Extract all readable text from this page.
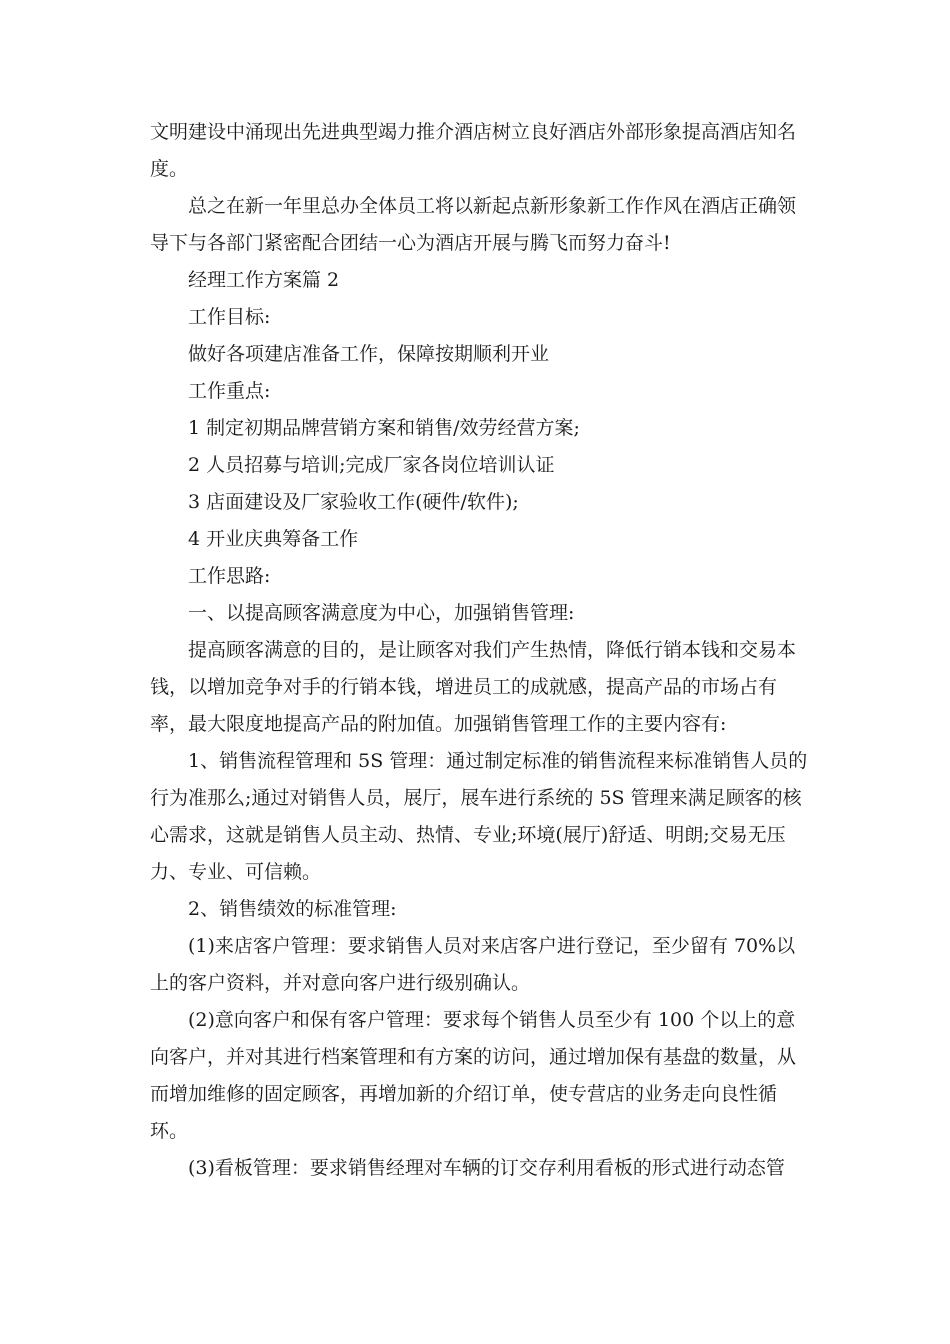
文明建设中涌现出先进典型竭力推介酒店树立良好酒店外部形象提高酒店知名
度。
总之在新一年里总办全体员工将以新起点新形象新工作作风在酒店正确领
导下与各部门紧密配合团结一心为酒店开展与腾飞而努力奋斗!
经理工作方案篇 2
工作目标:
做好各项建店准备工作，保障按期顺利开业
工作重点:
1 制定初期品牌营销方案和销售/效劳经营方案;
2 人员招募与培训;完成厂家各岗位培训认证
3 店面建设及厂家验收工作(硬件/软件);
4 开业庆典筹备工作
工作思路:
一、以提高顾客满意度为中心，加强销售管理:
提高顾客满意的目的，是让顾客对我们产生热情，降低行销本钱和交易本
钱，以增加竞争对手的行销本钱，增进员工的成就感，提高产品的市场占有
率，最大限度地提高产品的附加值。加强销售管理工作的主要内容有:
1、销售流程管理和 5S 管理：通过制定标准的销售流程来标准销售人员的
行为准那么;通过对销售人员，展厅，展车进行系统的 5S 管理来满足顾客的核
心需求，这就是销售人员主动、热情、专业;环境(展厅)舒适、明朗;交易无压
力、专业、可信赖。
2、销售绩效的标准管理:
(1)来店客户管理：要求销售人员对来店客户进行登记，至少留有 70%以
上的客户资料，并对意向客户进行级别确认。
(2)意向客户和保有客户管理：要求每个销售人员至少有 100 个以上的意
向客户，并对其进行档案管理和有方案的访问，通过增加保有基盘的数量，从
而增加维修的固定顾客，再增加新的介绍订单，使专营店的业务走向良性循
环。
(3)看板管理：要求销售经理对车辆的订交存利用看板的形式进行动态管
